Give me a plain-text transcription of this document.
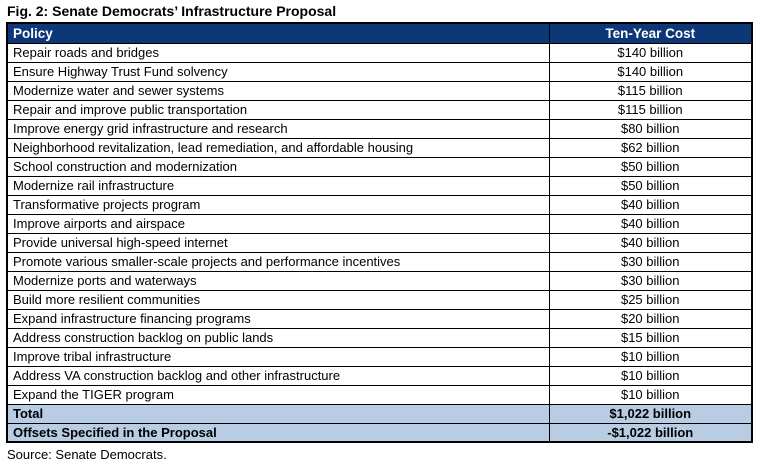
Fig. 2: Senate Democrats’ Infrastructure Proposal
Policy	Ten-Year Cost
Repair roads and bridges	$140 billion
Ensure Highway Trust Fund solvency	$140 billion
Modernize water and sewer systems	$115 billion
Repair and improve public transportation	$115 billion
Improve energy grid infrastructure and research	$80 billion
Neighborhood revitalization, lead remediation, and affordable housing	$62 billion
School construction and modernization	$50 billion
Modernize rail infrastructure	$50 billion
Transformative projects program	$40 billion
Improve airports and airspace	$40 billion
Provide universal high-speed internet	$40 billion
Promote various smaller-scale projects and performance incentives	$30 billion
Modernize ports and waterways	$30 billion
Build more resilient communities	$25 billion
Expand infrastructure financing programs	$20 billion
Address construction backlog on public lands	$15 billion
Improve tribal infrastructure	$10 billion
Address VA construction backlog and other infrastructure	$10 billion
Expand the TIGER program	$10 billion
Total	$1,022 billion
Offsets Specified in the Proposal	-$1,022 billion
Source: Senate Democrats.
